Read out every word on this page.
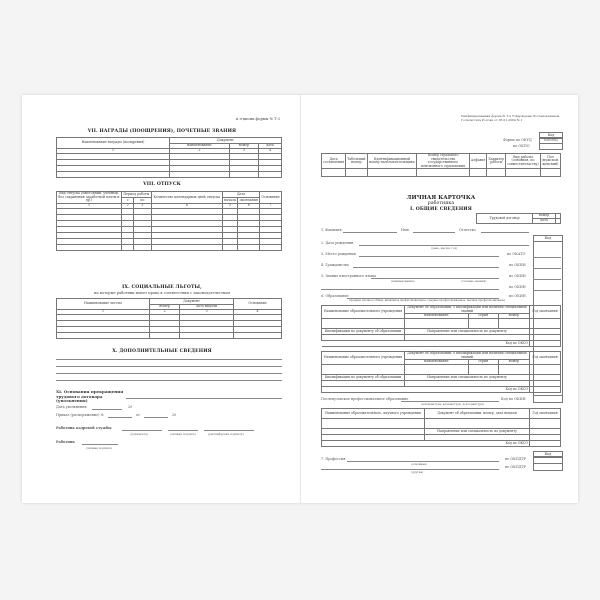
к л-ционк формы № Т-2
VII. НАГРАДЫ (ПООЩРЕНИЯ), ПОЧЕТНЫЕ ЗВАНИЯ
Наименование награды (поощрения)	Документ		
	наименование	номер	дата
1	2	3	4

VIII. ОТПУСК
Вид отпуска (ежегодный, учебный, без сохранения заработной платы и др.)	Период работы		Количество календарных дней отпуска	Дата		Основание
	с	по		начала	окончания	
1	2	3	4	5	6	7

IX. СОЦИАЛЬНЫЕ ЛЬГОТЫ,
на которые работник имеет право в соответствии с законодательством
Наименование льготы	Документ		Основание
	номер	дата выдачи	
1	2	3	4

X. ДОПОЛНИТЕЛЬНЫЕ СВЕДЕНИЯ
XI. Основания прекращения трудового договора (увольнения)
Дата увольнения	20
Приказ (распоряжение) №	от	20
Работник кадровой службы
(должность)	(личная подпись)	(расшифровка подписи)
Работник
(личная подпись)
Унифицированная форма № Т-2 Утверждена Постановлением Госкомстата России от 05.01.2004 № 1
Код
Форма по ОКУД	0301002
по ОКПО
Дата составления	Табельный номер	Идентификационный номер налогоплательщика	Номер страхового свидетельства государственного пенсионного страхования	Алфавит	Характер работы	Вид работы (основная, по совместительству)	Пол (мужской, женский)

ЛИЧНАЯ КАРТОЧКА
работника
I. ОБЩИЕ СВЕДЕНИЯ
Трудовой договор	номер	
	дата	
1. Фамилия	Имя	Отчество
Код
2. Дата рождения
(день, месяц, год)
3. Место рождения	по ОКАТО
4. Гражданство	по ОКИН
5. Знание иностранного языка	по ОКИН
(наименование)	(степень знания)
по ОКИН
6. Образование	по ОКИН
(среднее (полное) общее, начальное профессиональное, среднее профессиональное, высшее профессиональное)
Наименование образовательного учреждения	Документ об образовании, о квалификации или наличии специальных знаний			Год окончания
	наименование	серия	номер	

Квалификация по документу об образовании	Направление или специальность по документу			

Код по ОКСО				
Наименование образовательного учреждения	Документ об образовании, о квалификации или наличии специальных знаний			Год окончания
	наименование	серия	номер	

Квалификация по документу об образовании	Направление или специальность по документу			

Код по ОКСО				
Послевузовское профессиональное образование	Код по ОКИН
(аспирантура, адъюнктура, докторантура)
Наименование образовательного, научного учреждения	Документ об образовании, номер, дата выдачи	Год окончания

	Направление или специальность по документу	

Код по ОКСО		
Код
7. Профессия	по ОКПДТР
(основная)
по ОКПДТР
(другая)
